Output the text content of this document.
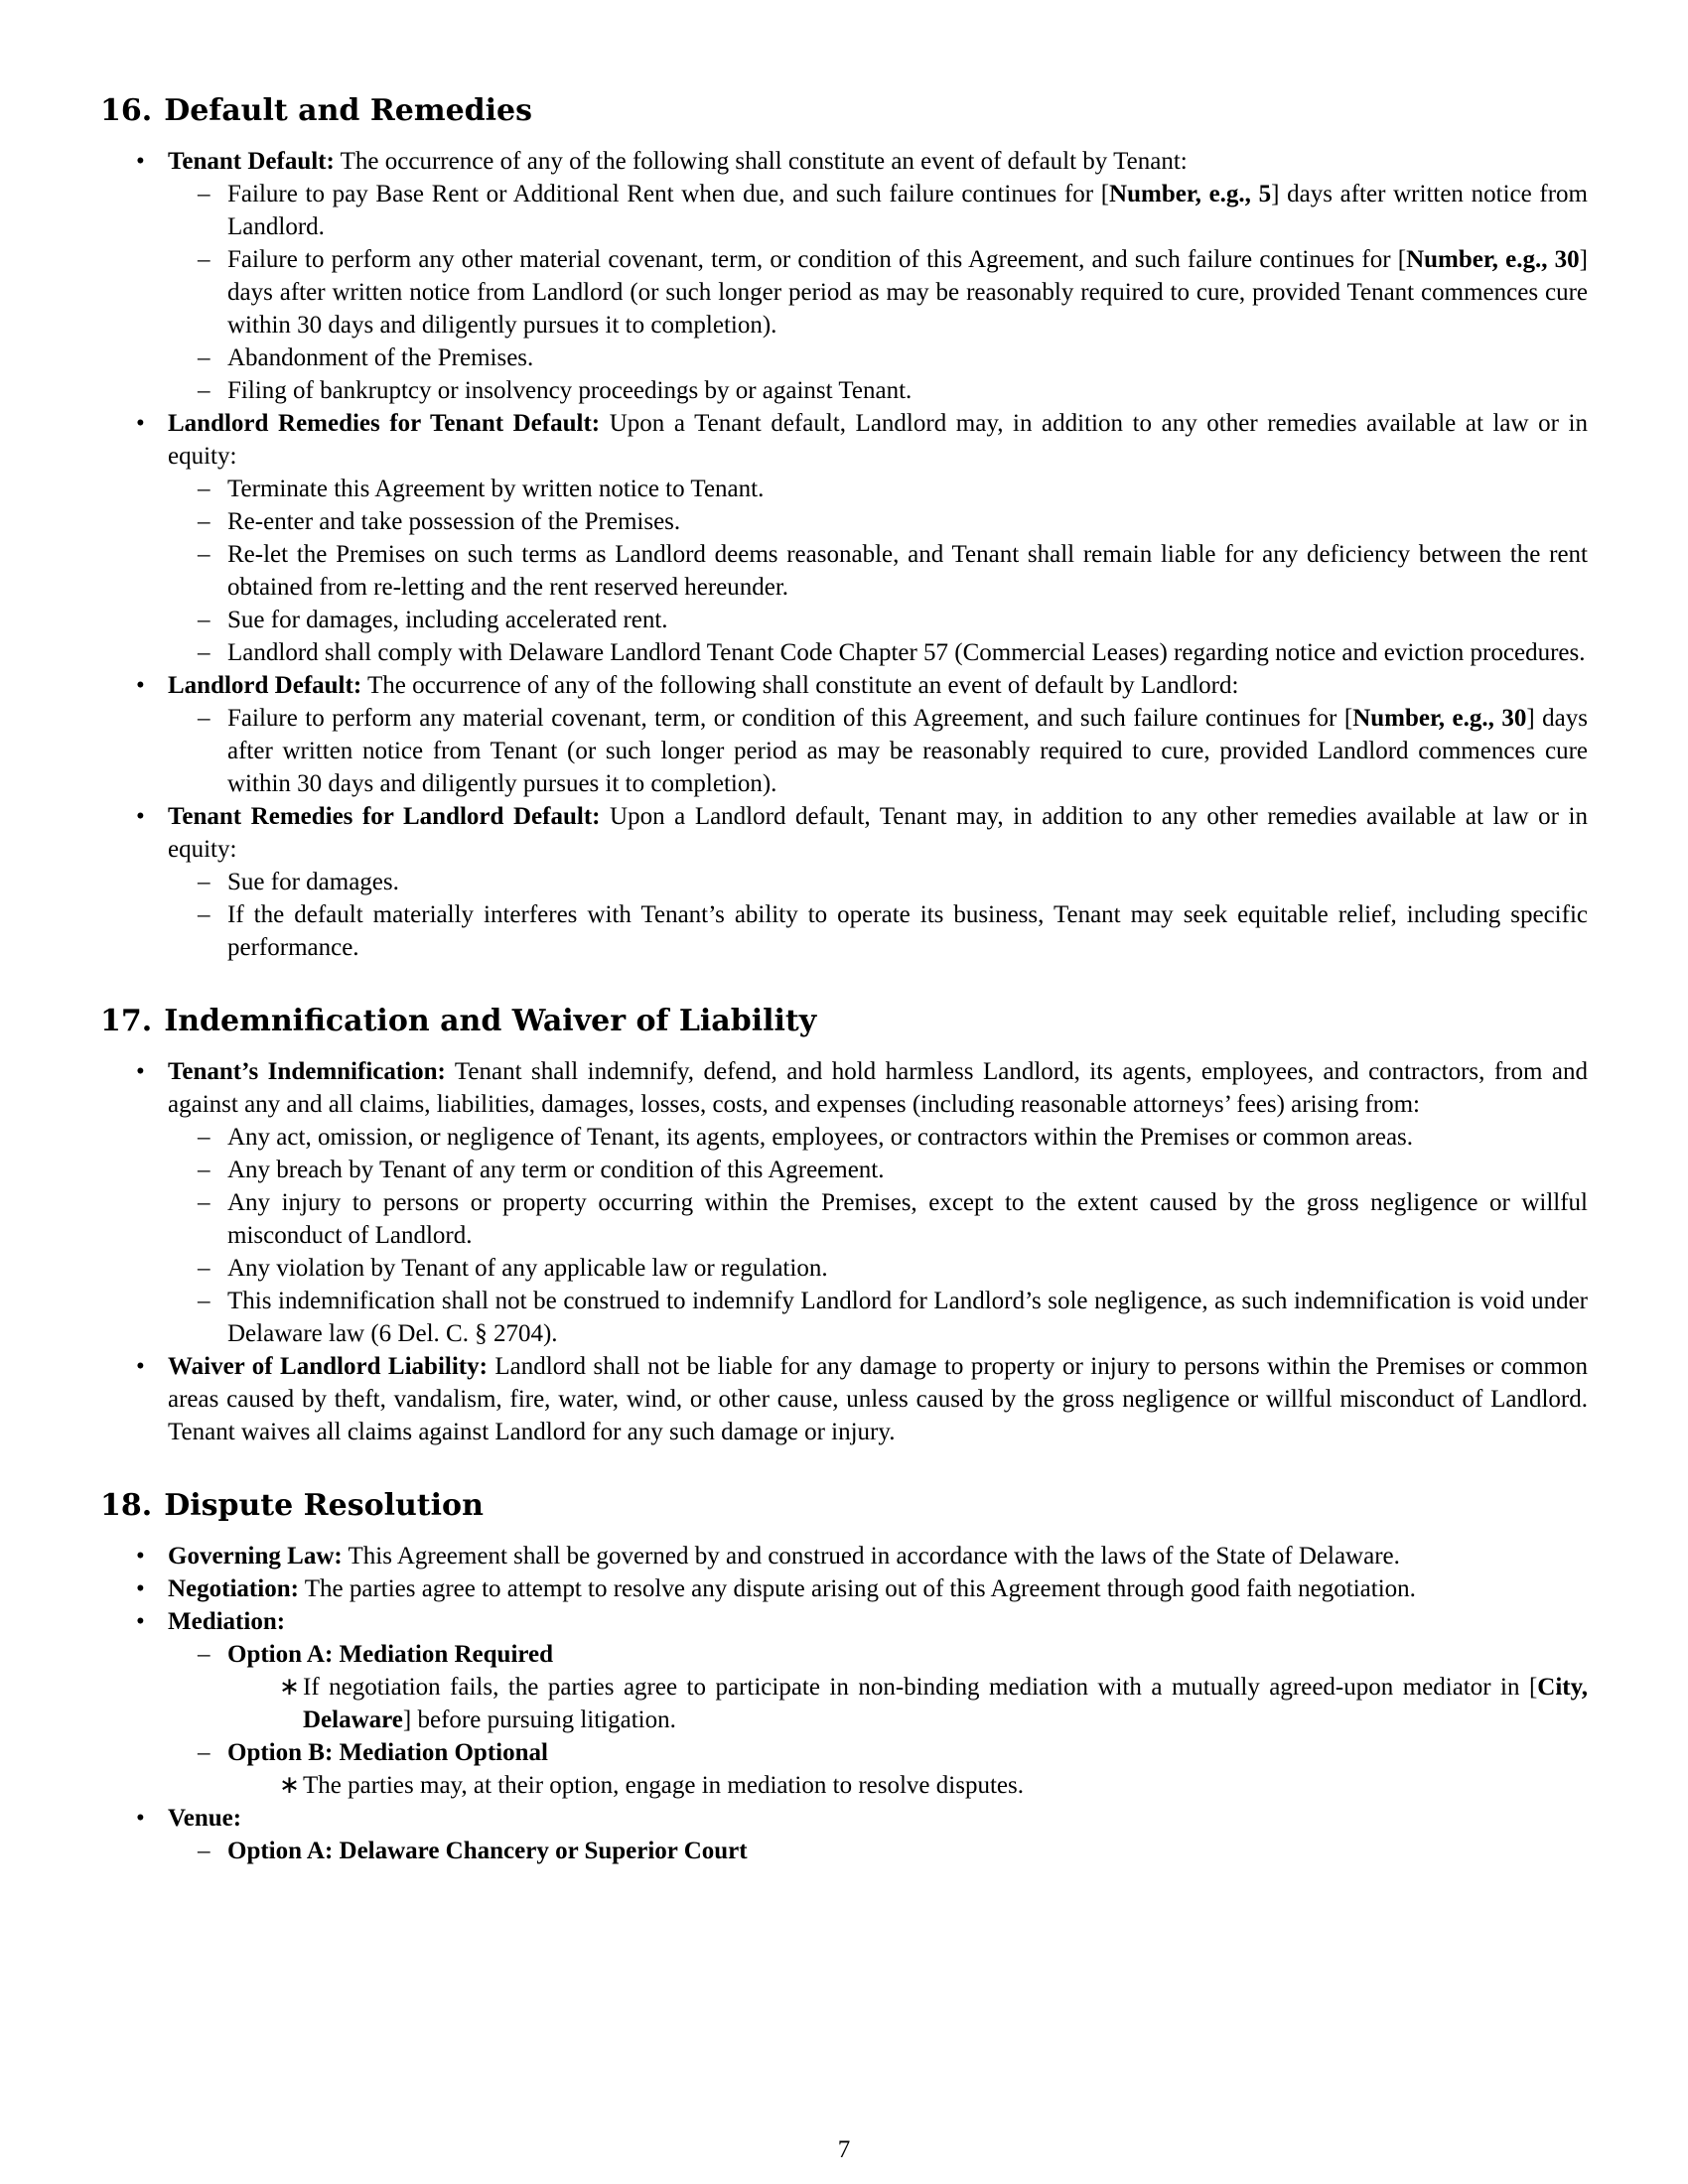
16. Default and Remedies
• Tenant Default: The occurrence of any of the following shall constitute an event of default by Tenant:
– Failure to pay Base Rent or Additional Rent when due, and such failure continues for [Number, e.g., 5] days after written notice from Landlord.
– Failure to perform any other material covenant, term, or condition of this Agreement, and such failure continues for [Number, e.g., 30] days after written notice from Landlord (or such longer period as may be reasonably required to cure, provided Tenant commences cure within 30 days and diligently pursues it to completion).
– Abandonment of the Premises.
– Filing of bankruptcy or insolvency proceedings by or against Tenant.
• Landlord Remedies for Tenant Default: Upon a Tenant default, Landlord may, in addition to any other remedies available at law or in equity:
– Terminate this Agreement by written notice to Tenant.
– Re-enter and take possession of the Premises.
– Re-let the Premises on such terms as Landlord deems reasonable, and Tenant shall remain liable for any deficiency between the rent obtained from re-letting and the rent reserved hereunder.
– Sue for damages, including accelerated rent.
– Landlord shall comply with Delaware Landlord Tenant Code Chapter 57 (Commercial Leases) regarding notice and eviction procedures.
• Landlord Default: The occurrence of any of the following shall constitute an event of default by Landlord:
– Failure to perform any material covenant, term, or condition of this Agreement, and such failure continues for [Number, e.g., 30] days after written notice from Tenant (or such longer period as may be reasonably required to cure, provided Landlord commences cure within 30 days and diligently pursues it to completion).
• Tenant Remedies for Landlord Default: Upon a Landlord default, Tenant may, in addition to any other remedies available at law or in equity:
– Sue for damages.
– If the default materially interferes with Tenant’s ability to operate its business, Tenant may seek equitable relief, including specific performance.
17. Indemnification and Waiver of Liability
• Tenant’s Indemnification: Tenant shall indemnify, defend, and hold harmless Landlord, its agents, employees, and contractors, from and against any and all claims, liabilities, damages, losses, costs, and expenses (including reasonable attorneys’ fees) arising from:
– Any act, omission, or negligence of Tenant, its agents, employees, or contractors within the Premises or common areas.
– Any breach by Tenant of any term or condition of this Agreement.
– Any injury to persons or property occurring within the Premises, except to the extent caused by the gross negligence or willful misconduct of Landlord.
– Any violation by Tenant of any applicable law or regulation.
– This indemnification shall not be construed to indemnify Landlord for Landlord’s sole negligence, as such indemnification is void under Delaware law (6 Del. C. § 2704).
• Waiver of Landlord Liability: Landlord shall not be liable for any damage to property or injury to persons within the Premises or common areas caused by theft, vandalism, fire, water, wind, or other cause, unless caused by the gross negligence or willful misconduct of Landlord. Tenant waives all claims against Landlord for any such damage or injury.
18. Dispute Resolution
• Governing Law: This Agreement shall be governed by and construed in accordance with the laws of the State of Delaware.
• Negotiation: The parties agree to attempt to resolve any dispute arising out of this Agreement through good faith negotiation.
• Mediation:
– Option A: Mediation Required
∗ If negotiation fails, the parties agree to participate in non-binding mediation with a mutually agreed-upon mediator in [City, Delaware] before pursuing litigation.
– Option B: Mediation Optional
∗ The parties may, at their option, engage in mediation to resolve disputes.
• Venue:
– Option A: Delaware Chancery or Superior Court
7
